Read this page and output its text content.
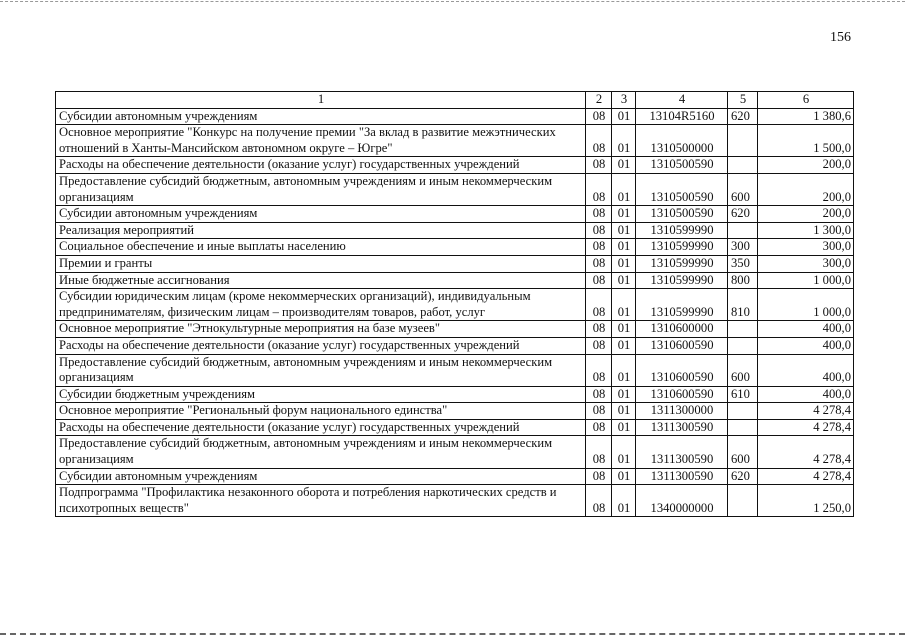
156
1	2	3	4	5	6
Субсидии автономным учреждениям	08	01	13104R5160	620	1 380,6
Основное мероприятие "Конкурс на получение премии "За вклад в развитие межэтнических отношений в Ханты-Мансийском автономном округе – Югре"	08	01	1310500000		1 500,0
Расходы на обеспечение деятельности (оказание услуг) государственных учреждений	08	01	1310500590		200,0
Предоставление субсидий бюджетным, автономным учреждениям и иным некоммерческим организациям	08	01	1310500590	600	200,0
Субсидии автономным учреждениям	08	01	1310500590	620	200,0
Реализация мероприятий	08	01	1310599990		1 300,0
Социальное обеспечение и иные выплаты населению	08	01	1310599990	300	300,0
Премии и гранты	08	01	1310599990	350	300,0
Иные бюджетные ассигнования	08	01	1310599990	800	1 000,0
Субсидии юридическим лицам (кроме некоммерческих организаций), индивидуальным предпринимателям, физическим лицам – производителям товаров, работ, услуг	08	01	1310599990	810	1 000,0
Основное мероприятие "Этнокультурные мероприятия на базе музеев"	08	01	1310600000		400,0
Расходы на обеспечение деятельности (оказание услуг) государственных учреждений	08	01	1310600590		400,0
Предоставление субсидий бюджетным, автономным учреждениям и иным некоммерческим организациям	08	01	1310600590	600	400,0
Субсидии бюджетным учреждениям	08	01	1310600590	610	400,0
Основное мероприятие "Региональный форум национального единства"	08	01	1311300000		4 278,4
Расходы на обеспечение деятельности (оказание услуг) государственных учреждений	08	01	1311300590		4 278,4
Предоставление субсидий бюджетным, автономным учреждениям и иным некоммерческим организациям	08	01	1311300590	600	4 278,4
Субсидии автономным учреждениям	08	01	1311300590	620	4 278,4
Подпрограмма "Профилактика незаконного оборота и потребления наркотических средств и психотропных веществ"	08	01	1340000000		1 250,0
